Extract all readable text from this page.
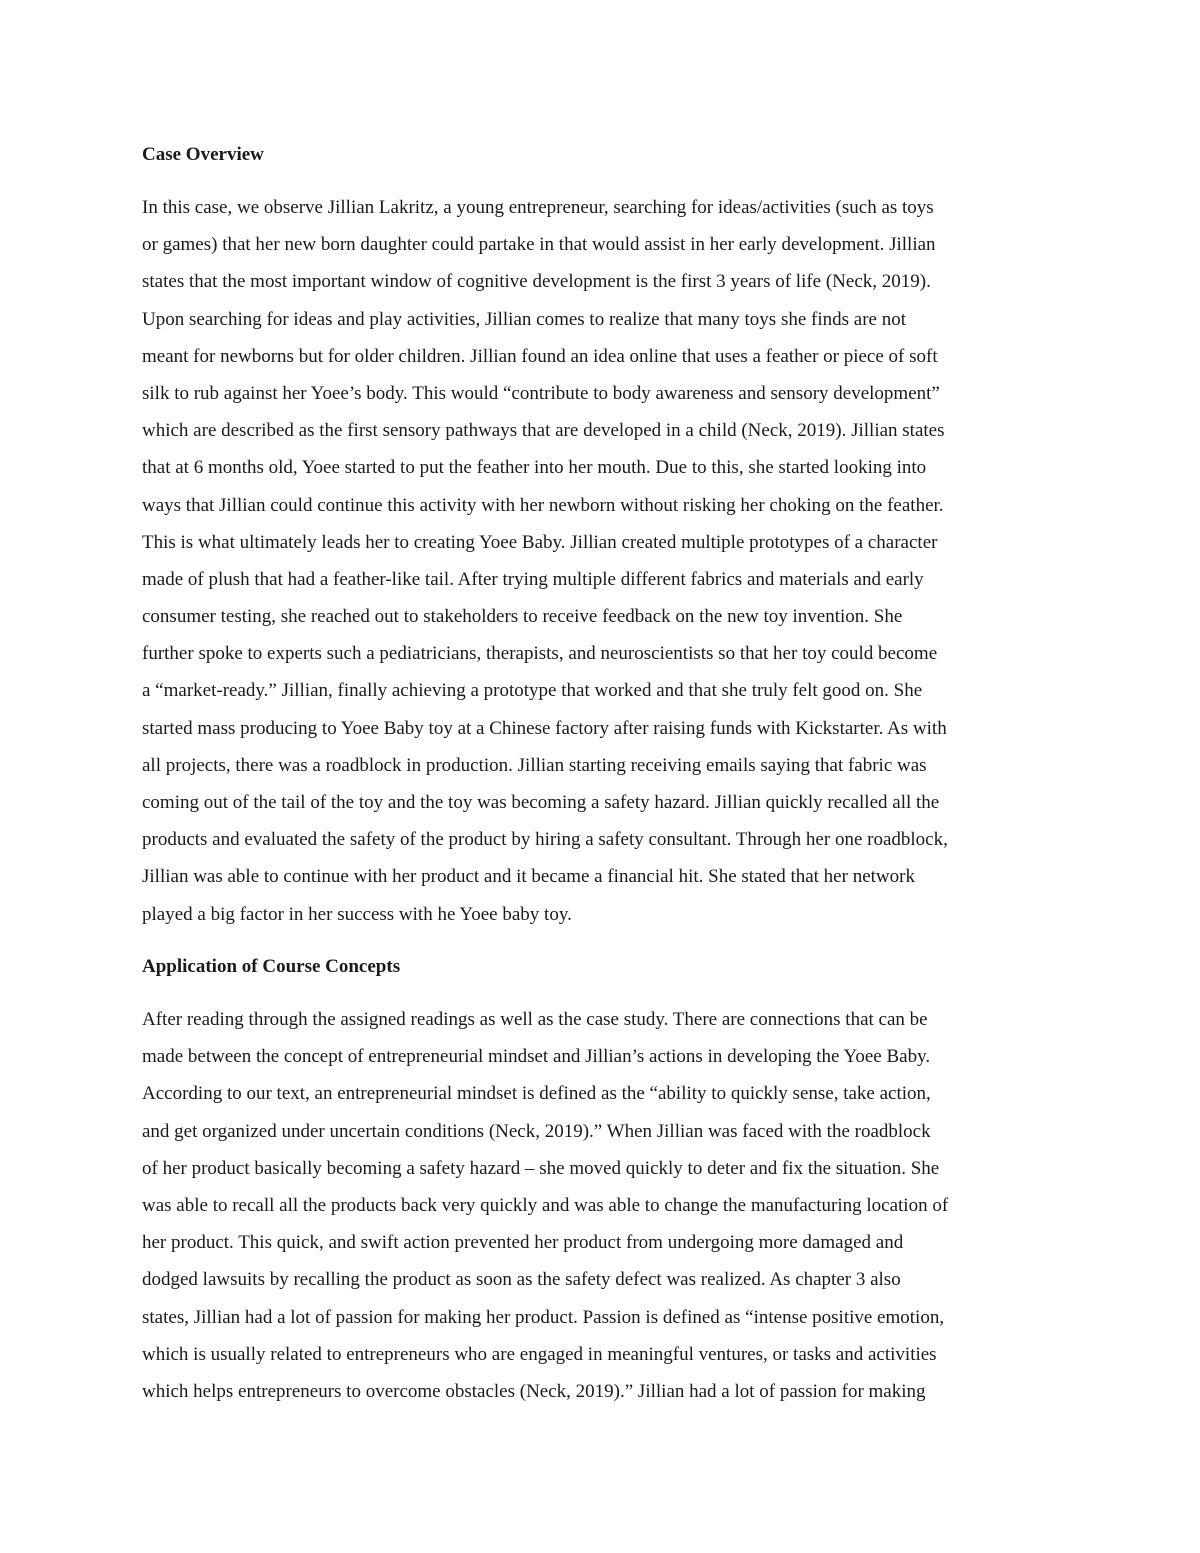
Case Overview
In this case, we observe Jillian Lakritz, a young entrepreneur, searching for ideas/activities (such as toys
or games) that her new born daughter could partake in that would assist in her early development. Jillian
states that the most important window of cognitive development is the first 3 years of life (Neck, 2019).
Upon searching for ideas and play activities, Jillian comes to realize that many toys she finds are not
meant for newborns but for older children. Jillian found an idea online that uses a feather or piece of soft
silk to rub against her Yoee’s body. This would “contribute to body awareness and sensory development”
which are described as the first sensory pathways that are developed in a child (Neck, 2019). Jillian states
that at 6 months old, Yoee started to put the feather into her mouth. Due to this, she started looking into
ways that Jillian could continue this activity with her newborn without risking her choking on the feather.
This is what ultimately leads her to creating Yoee Baby. Jillian created multiple prototypes of a character
made of plush that had a feather-like tail. After trying multiple different fabrics and materials and early
consumer testing, she reached out to stakeholders to receive feedback on the new toy invention. She
further spoke to experts such a pediatricians, therapists, and neuroscientists so that her toy could become
a “market-ready.” Jillian, finally achieving a prototype that worked and that she truly felt good on. She
started mass producing to Yoee Baby toy at a Chinese factory after raising funds with Kickstarter. As with
all projects, there was a roadblock in production. Jillian starting receiving emails saying that fabric was
coming out of the tail of the toy and the toy was becoming a safety hazard. Jillian quickly recalled all the
products and evaluated the safety of the product by hiring a safety consultant. Through her one roadblock,
Jillian was able to continue with her product and it became a financial hit. She stated that her network
played a big factor in her success with he Yoee baby toy.
Application of Course Concepts
After reading through the assigned readings as well as the case study. There are connections that can be
made between the concept of entrepreneurial mindset and Jillian’s actions in developing the Yoee Baby.
According to our text, an entrepreneurial mindset is defined as the “ability to quickly sense, take action,
and get organized under uncertain conditions (Neck, 2019).” When Jillian was faced with the roadblock
of her product basically becoming a safety hazard – she moved quickly to deter and fix the situation. She
was able to recall all the products back very quickly and was able to change the manufacturing location of
her product. This quick, and swift action prevented her product from undergoing more damaged and
dodged lawsuits by recalling the product as soon as the safety defect was realized. As chapter 3 also
states, Jillian had a lot of passion for making her product. Passion is defined as “intense positive emotion,
which is usually related to entrepreneurs who are engaged in meaningful ventures, or tasks and activities
which helps entrepreneurs to overcome obstacles (Neck, 2019).” Jillian had a lot of passion for making
